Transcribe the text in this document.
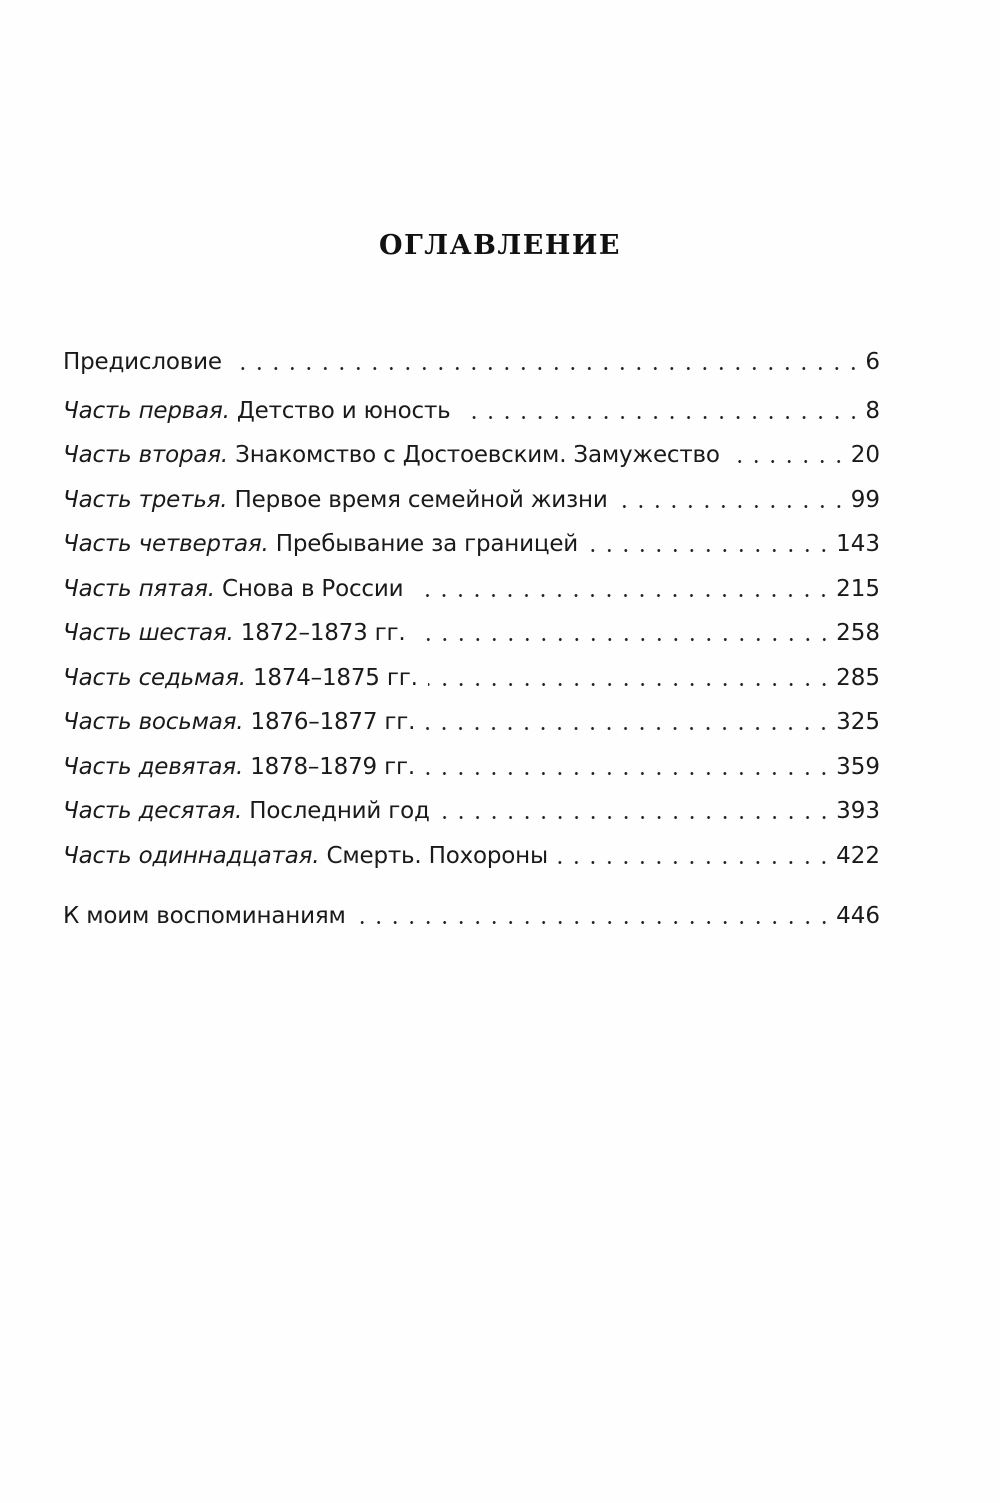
ОГЛАВЛЕНИЕ
Предисловие	6
Часть первая. Детство и юность	8
Часть вторая. Знакомство с Достоевским. Замужество	20
Часть третья. Первое время семейной жизни	99
Часть четвертая. Пребывание за границей	143
Часть пятая. Снова в России	215
Часть шестая. 1872–1873 гг.	258
Часть седьмая. 1874–1875 гг.	285
Часть восьмая. 1876–1877 гг.	325
Часть девятая. 1878–1879 гг.	359
Часть десятая. Последний год	393
Часть одиннадцатая. Смерть. Похороны	422
К моим воспоминаниям	446
